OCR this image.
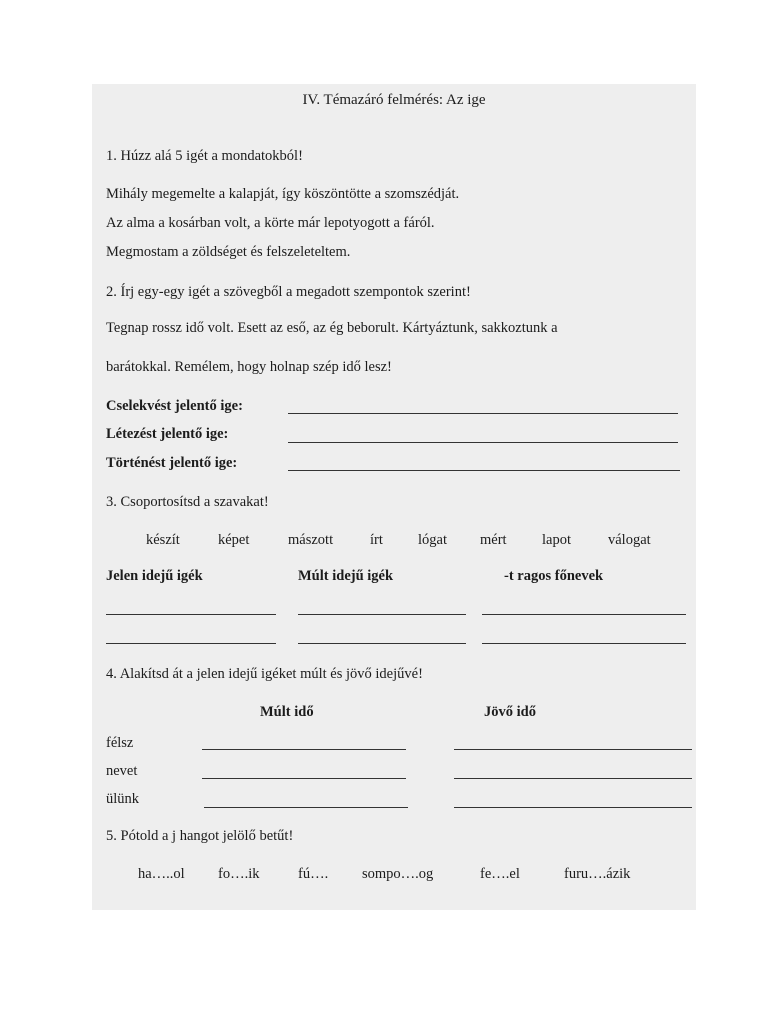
IV. Témazáró felmérés: Az ige
1. Húzz alá 5 igét a mondatokból!
Mihály megemelte a kalapját, így köszöntötte a szomszédját.
Az alma a kosárban volt, a körte már lepotyogott a fáról.
Megmostam a zöldséget és felszeleteltem.
2. Írj egy-egy igét a szövegből a megadott szempontok szerint!
Tegnap rossz idő volt. Esett az eső, az ég beborult. Kártyáztunk, sakkoztunk a
barátokkal. Remélem, hogy holnap szép idő lesz!
Cselekvést jelentő ige:
Létezést jelentő ige:
Történést jelentő ige:
3. Csoportosítsd a szavakat!
készít	képet	mászott	írt lógat mért lapot	válogat
Jelen idejű igék	Múlt idejű igék	-t ragos főnevek
4. Alakítsd át a jelen idejű igéket múlt és jövő idejűvé!
Múlt idő	Jövő idő
félsz
nevet
ülünk
5. Pótold a j hangot jelölő betűt!
ha…..ol fo….ik	fú…. sompo….og	fe….el	furu….ázik
